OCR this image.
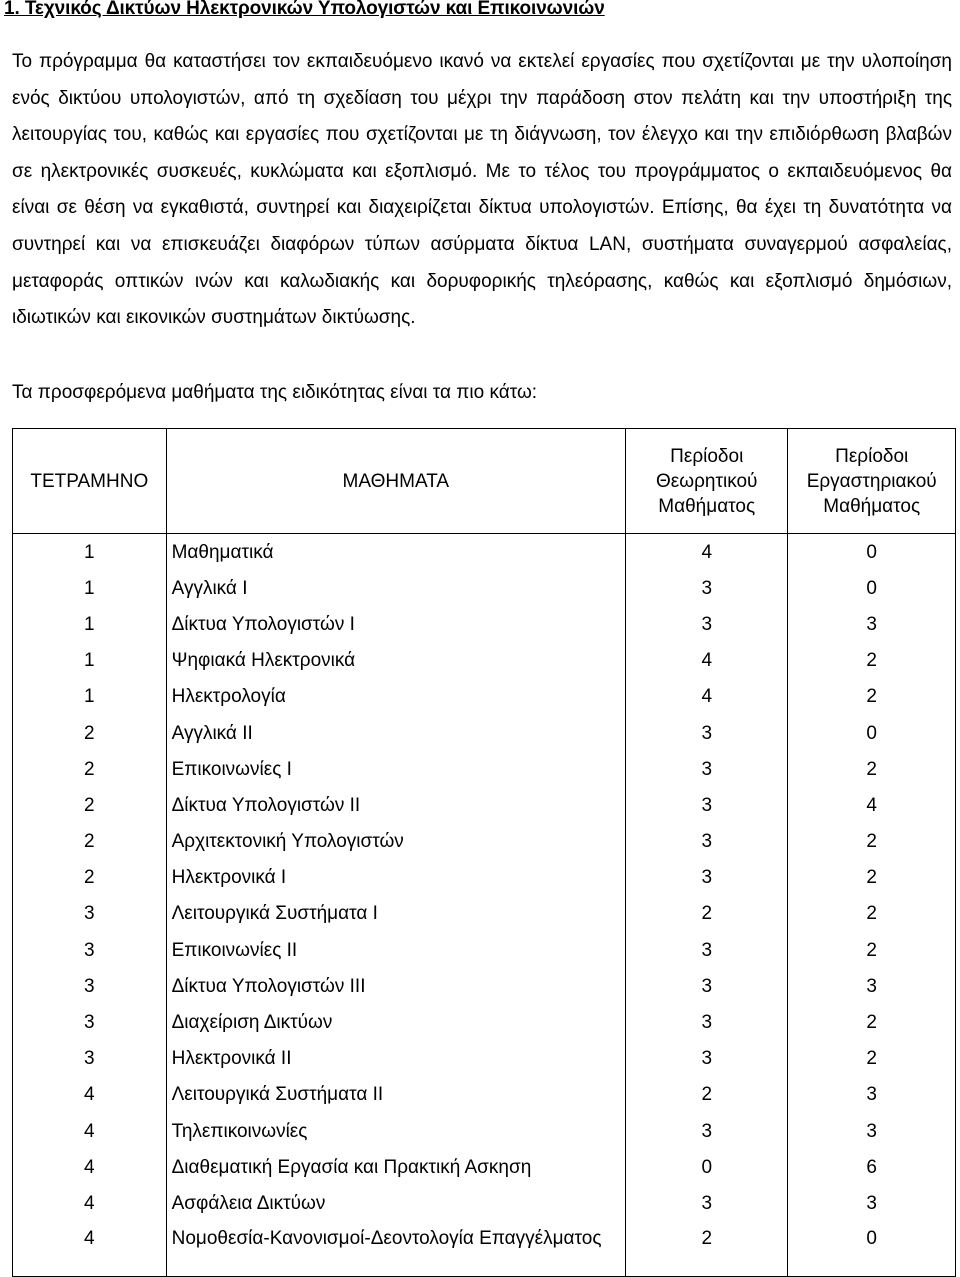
1. Τεχνικός Δικτύων Ηλεκτρονικών Υπολογιστών και Επικοινωνιών
Το πρόγραμμα θα καταστήσει τον εκπαιδευόμενο ικανό να εκτελεί εργασίες που σχετίζονται με την υλοποίηση ενός δικτύου υπολογιστών, από τη σχεδίαση του μέχρι την παράδοση στον πελάτη και την υποστήριξη της λειτουργίας του, καθώς και εργασίες που σχετίζονται με τη διάγνωση, τον έλεγχο και την επιδιόρθωση βλαβών σε ηλεκτρονικές συσκευές, κυκλώματα και εξοπλισμό. Με το τέλος του προγράμματος ο εκπαιδευόμενος θα είναι σε θέση να εγκαθιστά, συντηρεί και διαχειρίζεται δίκτυα υπολογιστών. Επίσης, θα έχει τη δυνατότητα να συντηρεί και να επισκευάζει διαφόρων τύπων ασύρματα δίκτυα LAN, συστήματα συναγερμού ασφαλείας, μεταφοράς οπτικών ινών και καλωδιακής και δορυφορικής τηλεόρασης, καθώς και εξοπλισμό δημόσιων, ιδιωτικών και εικονικών συστημάτων δικτύωσης.
Τα προσφερόμενα μαθήματα της ειδικότητας είναι τα πιο κάτω:
ΤΕΤΡΑΜΗΝΟ	ΜΑΘΗΜΑΤΑ	Περίοδοι Θεωρητικού Μαθήματος	Περίοδοι Εργαστηριακού Μαθήματος
1	Μαθηματικά	4	0
1	Αγγλικά Ι	3	0
1	Δίκτυα Υπολογιστών Ι	3	3
1	Ψηφιακά Ηλεκτρονικά	4	2
1	Ηλεκτρολογία	4	2
2	Αγγλικά ΙΙ	3	0
2	Επικοινωνίες Ι	3	2
2	Δίκτυα Υπολογιστών ΙΙ	3	4
2	Αρχιτεκτονική Υπολογιστών	3	2
2	Ηλεκτρονικά Ι	3	2
3	Λειτουργικά Συστήματα Ι	2	2
3	Επικοινωνίες ΙΙ	3	2
3	Δίκτυα Υπολογιστών ΙΙΙ	3	3
3	Διαχείριση Δικτύων	3	2
3	Ηλεκτρονικά ΙΙ	3	2
4	Λειτουργικά Συστήματα ΙΙ	2	3
4	Τηλεπικοινωνίες	3	3
4	Διαθεματική Εργασία και Πρακτική Ασκηση	0	6
4	Ασφάλεια Δικτύων	3	3
4	Νομοθεσία-Κανονισμοί-Δεοντολογία Επαγγέλματος	2	0
